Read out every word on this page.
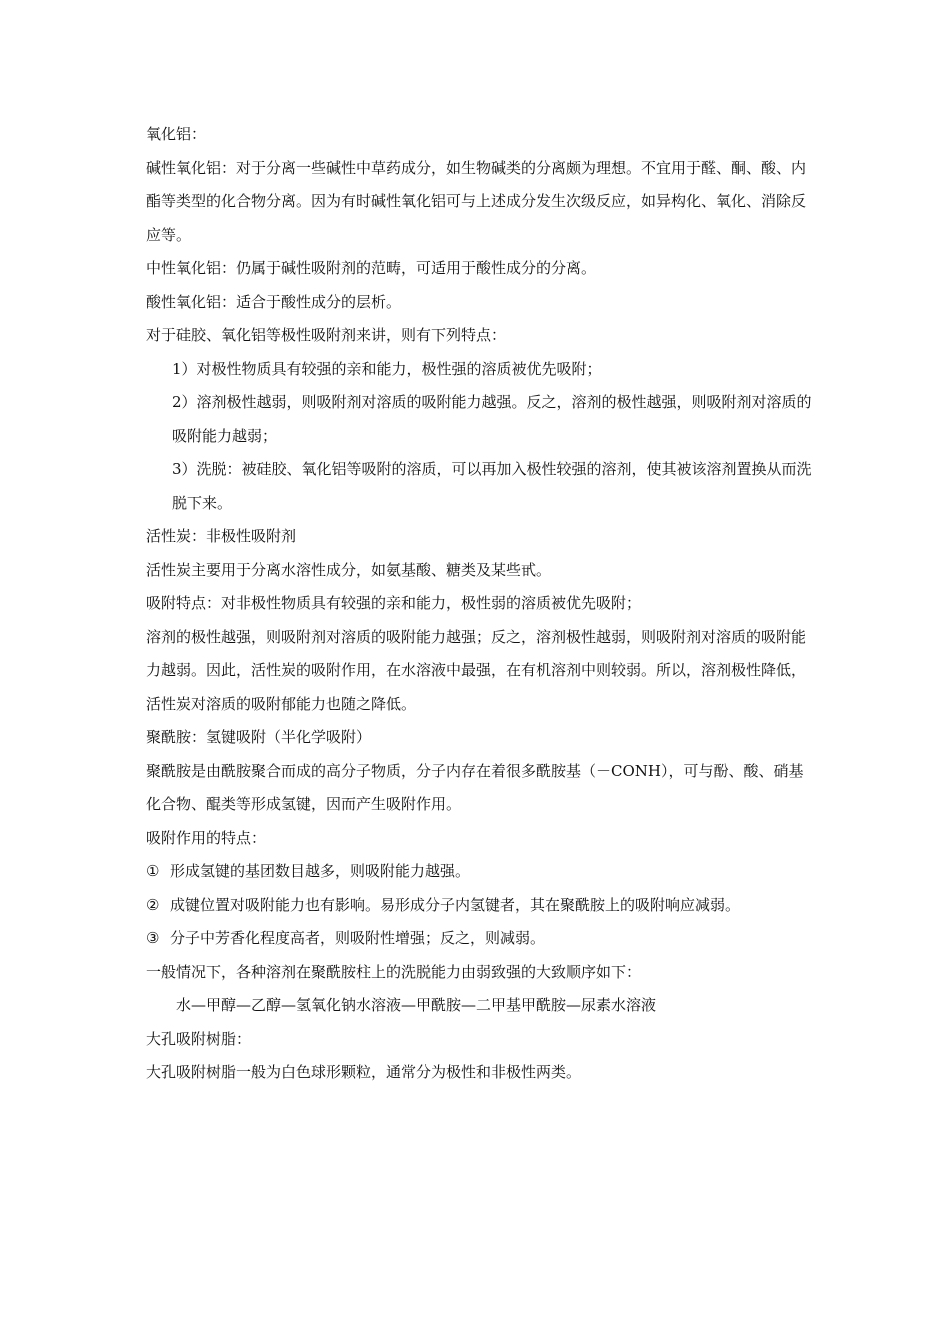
氧化铝：

碱性氧化铝：对于分离一些碱性中草药成分，如生物碱类的分离颇为理想。不宜用于醛、酮、酸、内酯等类型的化合物分离。因为有时碱性氧化铝可与上述成分发生次级反应，如异构化、氧化、消除反应等。

中性氧化铝：仍属于碱性吸附剂的范畴，可适用于酸性成分的分离。

酸性氧化铝：适合于酸性成分的层析。

对于硅胶、氧化铝等极性吸附剂来讲，则有下列特点：

1）对极性物质具有较强的亲和能力，极性强的溶质被优先吸附；

2）溶剂极性越弱，则吸附剂对溶质的吸附能力越强。反之，溶剂的极性越强，则吸附剂对溶质的吸附能力越弱；

3）洗脱：被硅胶、氧化铝等吸附的溶质，可以再加入极性较强的溶剂，使其被该溶剂置换从而洗脱下来。

活性炭：非极性吸附剂

活性炭主要用于分离水溶性成分，如氨基酸、糖类及某些甙。

吸附特点：对非极性物质具有较强的亲和能力，极性弱的溶质被优先吸附；

溶剂的极性越强，则吸附剂对溶质的吸附能力越强；反之，溶剂极性越弱，则吸附剂对溶质的吸附能力越弱。因此，活性炭的吸附作用，在水溶液中最强，在有机溶剂中则较弱。所以，溶剂极性降低，活性炭对溶质的吸附郁能力也随之降低。

聚酰胺：氢键吸附（半化学吸附）

聚酰胺是由酰胺聚合而成的高分子物质，分子内存在着很多酰胺基（－CONH），可与酚、酸、硝基化合物、醌类等形成氢键，因而产生吸附作用。

吸附作用的特点：

① 形成氢键的基团数目越多，则吸附能力越强。

② 成键位置对吸附能力也有影响。易形成分子内氢键者，其在聚酰胺上的吸附响应减弱。

③ 分子中芳香化程度高者，则吸附性增强；反之，则减弱。

一般情况下，各种溶剂在聚酰胺柱上的洗脱能力由弱致强的大致顺序如下：

水—甲醇—乙醇—氢氧化钠水溶液—甲酰胺—二甲基甲酰胺—尿素水溶液

大孔吸附树脂：

大孔吸附树脂一般为白色球形颗粒，通常分为极性和非极性两类。
